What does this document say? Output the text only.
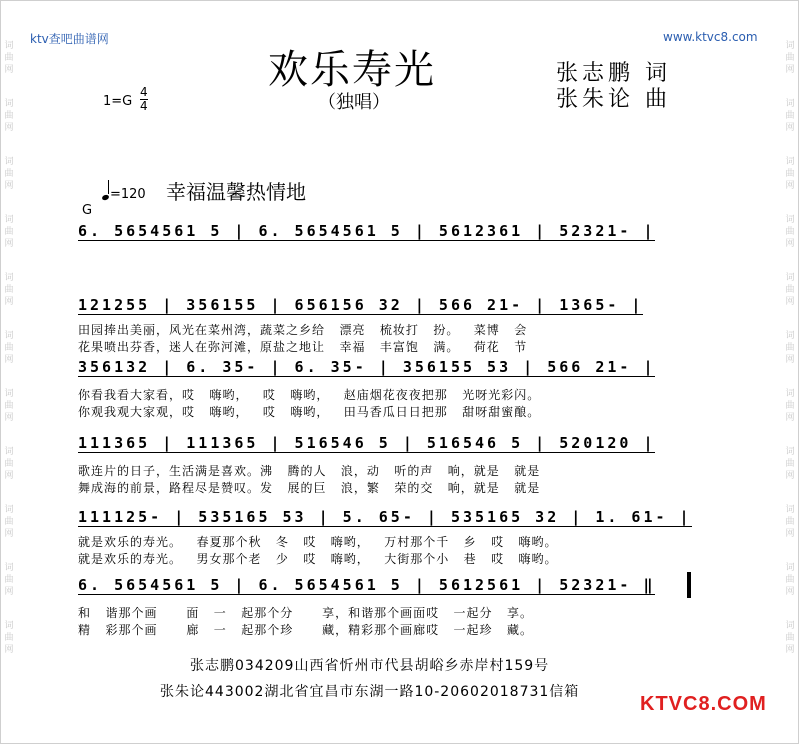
词 曲 网
词 曲 网
词 曲 网
词 曲 网
词 曲 网
词 曲 网
词 曲 网
词 曲 网
词 曲 网
词 曲 网
词 曲 网
词 曲 网
词 曲 网
词 曲 网
词 曲 网
词 曲 网
词 曲 网
词 曲 网
词 曲 网
词 曲 网
词 曲 网
词 曲 网
ktv查吧曲谱网	www.ktvc8.com
欢乐寿光
（独唱）
张志鹏 词
张朱论 曲
1=G
4
4
=120 幸福温馨热情地
G
6. 5654561 5 | 6. 5654561 5 | 5612361 | 52321- |
121255 | 356155 | 656156 32 | 566 21- | 1365- |
田园捧出美丽，风光在菜州湾，蔬菜之乡给   漂亮   梳妆打   扮。   菜博   会
花果喷出芬香，迷人在弥河滩，原盐之地让   幸福   丰富饱   满。   荷花   节
356132 | 6. 35- | 6. 35- | 356155 53 | 566 21- |
你看我看大家看，哎   嗨哟，   哎   嗨哟，   赵庙烟花夜夜把那   光呀光彩闪。
你观我观大家观，哎   嗨哟，   哎   嗨哟，   田马香瓜日日把那   甜呀甜蜜酿。
111365 | 111365 | 516546 5 | 516546 5 | 520120 |
歌连片的日子，生活满是喜欢。沸   腾的人   浪，动   听的声   响，就是   就是
舞成海的前景，路程尽是赞叹。发   展的巨   浪，繁   荣的交   响，就是   就是
111125- | 535165 53 | 5. 65- | 535165 32 | 1. 61- |
就是欢乐的寿光。   春夏那个秋   冬   哎   嗨哟，   万村那个千   乡   哎   嗨哟。
就是欢乐的寿光。   男女那个老   少   哎   嗨哟，   大街那个小   巷   哎   嗨哟。
6. 5654561 5 | 6. 5654561 5 | 5612561 | 52321- ‖
和   谐那个画      面   一   起那个分      享，和谐那个画面哎   一起分   享。
精   彩那个画      廊   一   起那个珍      藏，精彩那个画廊哎   一起珍   藏。
张志鹏034209山西省忻州市代县胡峪乡赤岸村159号
张朱论443002湖北省宜昌市东湖一路10-20602018731信箱
KTVC8.COM
